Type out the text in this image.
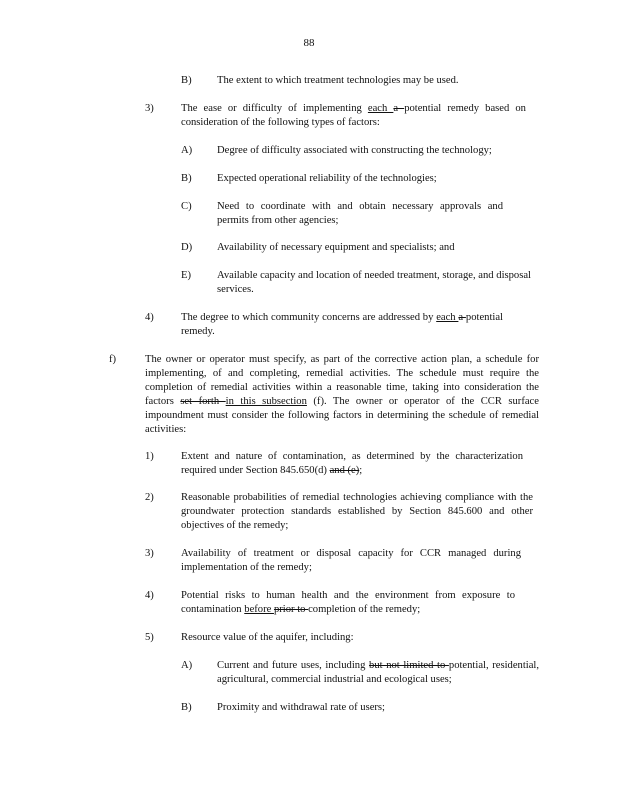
88
B) The extent to which treatment technologies may be used.
3)	The ease or difficulty of implementing each a potential remedy based on consideration of the following types of factors:
A) Degree of difficulty associated with constructing the technology;
B) Expected operational reliability of the technologies;
C) Need to coordinate with and obtain necessary approvals and permits from other agencies;
D) Availability of necessary equipment and specialists; and
E) Available capacity and location of needed treatment, storage, and disposal services.
4)	The degree to which community concerns are addressed by each a potential remedy.
f)	The owner or operator must specify, as part of the corrective action plan, a schedule for implementing, of and completing, remedial activities. The schedule must require the completion of remedial activities within a reasonable time, taking into consideration the factors set forth in this subsection (f). The owner or operator of the CCR surface impoundment must consider the following factors in determining the schedule of remedial activities:
1)	Extent and nature of contamination, as determined by the characterization required under Section 845.650(d) and (e);
2)	Reasonable probabilities of remedial technologies achieving compliance with the groundwater protection standards established by Section 845.600 and other objectives of the remedy;
3)	Availability of treatment or disposal capacity for CCR managed during implementation of the remedy;
4)	Potential risks to human health and the environment from exposure to contamination before prior to completion of the remedy;
5)	Resource value of the aquifer, including:
A) Current and future uses, including but not limited to potential, residential, agricultural, commercial industrial and ecological uses;
B) Proximity and withdrawal rate of users;
